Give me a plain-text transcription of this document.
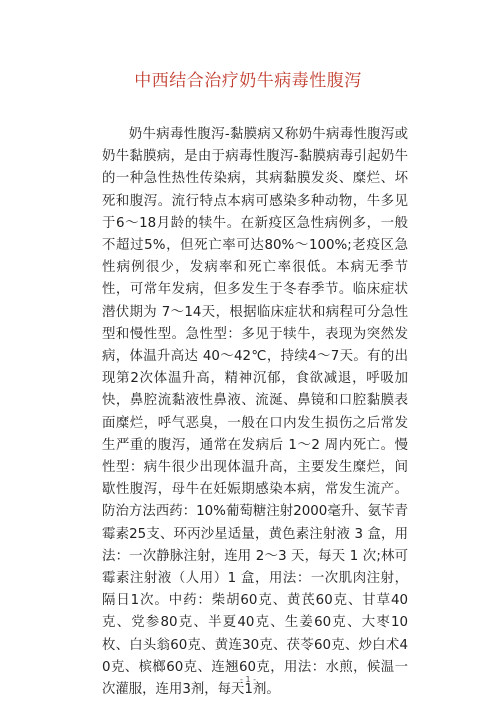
中西结合治疗奶牛病毒性腹泻

奶牛病毒性腹泻-黏膜病又称奶牛病毒性腹泻或奶牛黏膜病，是由于病毒性腹泻-黏膜病毒引起奶牛的一种急性热性传染病，其病黏膜发炎、糜烂、坏死和腹泻。流行特点本病可感染多种动物，牛多见于6～18月龄的犊牛。在新疫区急性病例多，一般不超过5%，但死亡率可达80%～100%;老疫区急性病例很少，发病率和死亡率很低。本病无季节性，可常年发病，但多发生于冬春季节。临床症状潜伏期为 7～14天，根据临床症状和病程可分急性型和慢性型。急性型：多见于犊牛，表现为突然发病，体温升高达 40～42℃，持续4～7天。有的出现第2次体温升高，精神沉郁，食欲减退，呼吸加快，鼻腔流黏液性鼻液、流涎、鼻镜和口腔黏膜表面糜烂，呼气恶臭，一般在口内发生损伤之后常发生严重的腹泻，通常在发病后 1～2 周内死亡。慢性型：病牛很少出现体温升高，主要发生糜烂，间歇性腹泻，母牛在妊娠期感染本病，常发生流产。防治方法西药：10%葡萄糖注射2000毫升、氨苄青霉素25支、环丙沙星适量，黄色素注射液 3 盒，用法：一次静脉注射，连用 2～3 天，每天 1 次;林可霉素注射液（人用）1 盒，用法：一次肌肉注射，隔日1次。中药：柴胡60克、黄芪60克、甘草40克、党参80克、半夏40克、生姜60克、大枣10枚、白头翁60克、黄连30克、茯苓60克、炒白术40克、槟榔60克、连翘60克，用法：水煎，候温一次灌服，连用3剂，每天1剂。

- 1 -
